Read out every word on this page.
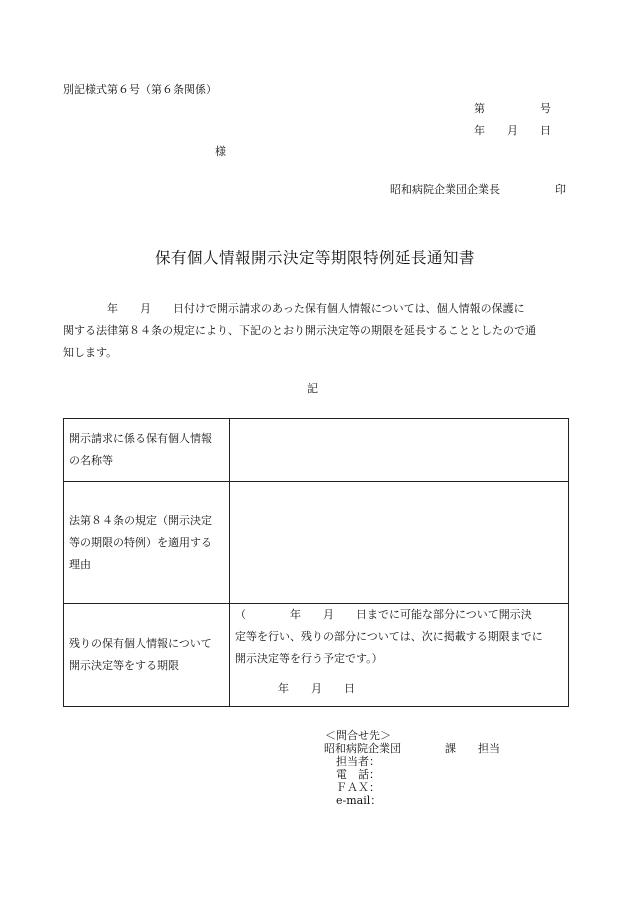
別記様式第６号（第６条関係）
第　　　　　号
年　　月　　日
様
昭和病院企業団企業長	印
保有個人情報開示決定等期限特例延長通知書
　　　　年　　月　　日付けで開示請求のあった保有個人情報については、個人情報の保護に
関する法律第８４条の規定により、下記のとおり開示決定等の期限を延長することとしたので通
知します。
記
開示請求に係る保有個人情報
の名称等	

法第８４条の規定（開示決定
等の期限の特例）を適用する
理由	

残りの保有個人情報について
開示決定等をする期限	（　　　　年　　月　　日までに可能な部分について開示決
定等を行い、残りの部分については、次に掲載する期限までに
開示決定等を行う予定です。）
年　　月　　日
＜問合せ先＞
昭和病院企業団　　　　課　　担当
担当者：
電　話：
ＦＡＸ：
e-mail：
